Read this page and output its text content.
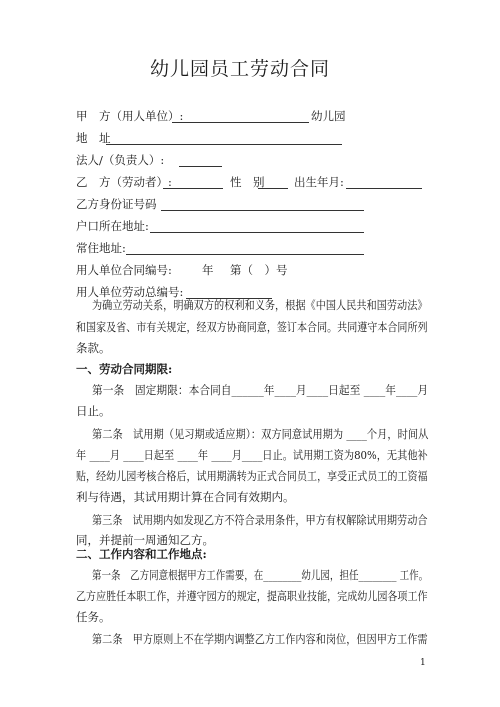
幼儿园员工劳动合同
甲　方（用人单位）:	幼儿园
地　址
法人/（负责人）:
乙　方（劳动者）:	性　别	出生年月:
乙方身份证号码
户口所在地址:
常住地址:
用人单位合同编号:	年 第（　）号
用人单位劳动总编号:
为确立劳动关系，明确双方的权利和义务，根据《中国人民共和国劳动法》
和国家及省、市有关规定，经双方协商同意，签订本合同。共同遵守本合同所列
条款。
一、劳动合同期限:
第一条　固定期限：本合同自______年____月____日起至 ____年____月
日止。
第二条　试用期（见习期或适应期）：双方同意试用期为 ____个月，时间从
年 ____月 ____日起至 ____年 ____月____日止。试用期工资为80%，无其他补
贴，经幼儿园考核合格后，试用期满转为正式合同员工，享受正式员工的工资福
利与待遇，其试用期计算在合同有效期内。
第三条　试用期内如发现乙方不符合录用条件，甲方有权解除试用期劳动合
同，并提前一周通知乙方。
二、工作内容和工作地点:
第一条　乙方同意根据甲方工作需要，在________幼儿园，担任________ 工作。
乙方应胜任本职工作，并遵守园方的规定，提高职业技能，完成幼儿园各项工作
任务。
第二条　甲方原则上不在学期内调整乙方工作内容和岗位，但因甲方工作需
1
